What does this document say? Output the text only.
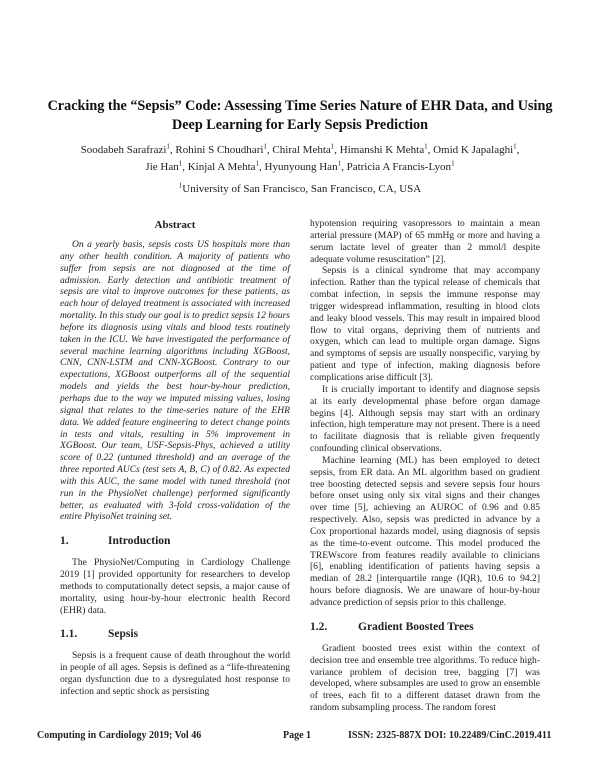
Cracking the “Sepsis” Code: Assessing Time Series Nature of EHR Data, and Using Deep Learning for Early Sepsis Prediction
Soodabeh Sarafrazi$^1$, Rohini S Choudhari$^1$, Chiral Mehta$^1$, Himanshi K Mehta$^1$, Omid K Japalaghi$^1$,
Jie Han$^1$, Kinjal A Mehta$^1$, Hyunyoung Han$^1$, Patricia A Francis-Lyon$^1$
$^1$University of San Francisco, San Francisco, CA, USA
Abstract

On a yearly basis, sepsis costs US hospitals more than any other health condition. A majority of patients who suffer from sepsis are not diagnosed at the time of admission. Early detection and antibiotic treatment of sepsis are vital to improve outcomes for these patients, as each hour of delayed treatment is associated with increased mortality. In this study our goal is to predict sepsis 12 hours before its diagnosis using vitals and blood tests routinely taken in the ICU. We have investigated the performance of several machine learning algorithms including XGBoost, CNN, CNN-LSTM and CNN-XGBoost. Contrary to our expectations, XGBoost outperforms all of the sequential models and yields the best hour-by-hour prediction, perhaps due to the way we imputed missing values, losing signal that relates to the time-series nature of the EHR data. We added feature engineering to detect change points in tests and vitals, resulting in 5% improvement in XGBoost. Our team, USF-Sepsis-Phys, achieved a utility score of 0.22 (untuned threshold) and an average of the three reported AUCs (test sets A, B, C) of 0.82. As expected with this AUC, the same model with tuned threshold (not run in the PhysioNet challenge) performed significantly better, as evaluated with 3-fold cross-validation of the entire PhyisoNet training set.

1.	Introduction

The PhysioNet/Computing in Cardiology Challenge 2019 [1] provided opportunity for researchers to develop methods to computationally detect sepsis, a major cause of mortality, using hour-by-hour electronic health Record (EHR) data.

1.1.	Sepsis

Sepsis is a frequent cause of death throughout the world in people of all ages. Sepsis is defined as a “life-threatening organ dysfunction due to a dysregulated host response to infection and septic shock as persisting

hypotension requiring vasopressors to maintain a mean arterial pressure (MAP) of 65 mmHg or more and having a serum lactate level of greater than 2 mmol/l despite adequate volume resuscitation” [2].

Sepsis is a clinical syndrome that may accompany infection. Rather than the typical release of chemicals that combat infection, in sepsis the immune response may trigger widespread inflammation, resulting in blood clots and leaky blood vessels. This may result in impaired blood flow to vital organs, depriving them of nutrients and oxygen, which can lead to multiple organ damage. Signs and symptoms of sepsis are usually nonspecific, varying by patient and type of infection, making diagnosis before complications arise difficult [3].

It is crucially important to identify and diagnose sepsis at its early developmental phase before organ damage begins [4]. Although sepsis may start with an ordinary infection, high temperature may not present. There is a need to facilitate diagnosis that is reliable given frequently confounding clinical observations.

Machine learning (ML) has been employed to detect sepsis, from ER data. An ML algorithm based on gradient tree boosting detected sepsis and severe sepsis four hours before onset using only six vital signs and their changes over time [5], achieving an AUROC of 0.96 and 0.85 respectively. Also, sepsis was predicted in advance by a Cox proportional hazards model, using diagnosis of sepsis as the time-to-event outcome. This model produced the TREWscore from features readily available to clinicians [6], enabling identification of patients having sepsis a median of 28.2 [interquartile range (IQR), 10.6 to 94.2] hours before diagnosis. We are unaware of hour-by-hour advance prediction of sepsis prior to this challenge.

1.2.	Gradient Boosted Trees

Gradient boosted trees exist within the context of decision tree and ensemble tree algorithms. To reduce high-variance problem of decision tree, bagging [7] was developed, where subsamples are used to grow an ensemble of trees, each fit to a different dataset drawn from the random subsampling process. The random forest

Computing in Cardiology 2019; Vol 46	Page 1	ISSN: 2325-887X DOI: 10.22489/CinC.2019.411
